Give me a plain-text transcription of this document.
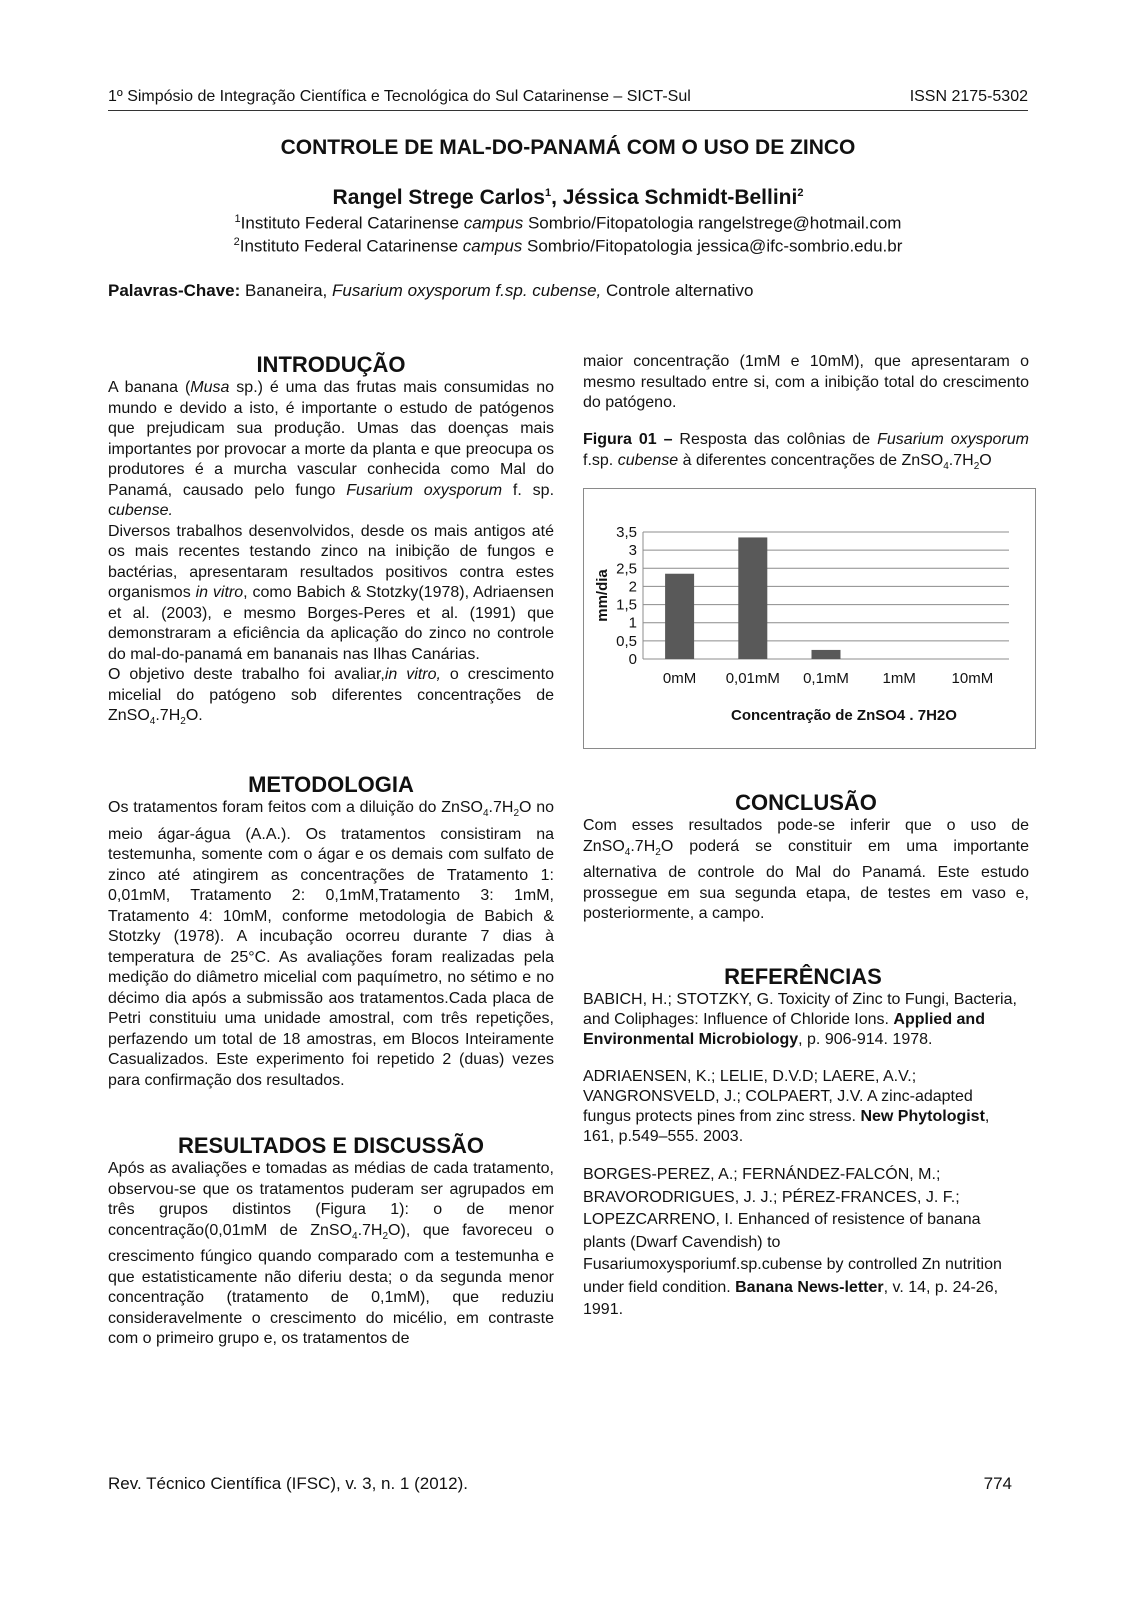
1º Simpósio de Integração Científica e Tecnológica do Sul Catarinense – SICT-Sul	ISSN 2175-5302
CONTROLE DE MAL-DO-PANAMÁ COM O USO DE ZINCO
Rangel Strege Carlos$^1$, Jéssica Schmidt-Bellini$^2$
$^1$Instituto Federal Catarinense campus Sombrio/Fitopatologia rangelstrege@hotmail.com
$^2$Instituto Federal Catarinense campus Sombrio/Fitopatologia jessica@ifc-sombrio.edu.br
Palavras-Chave: Bananeira, Fusarium oxysporum f.sp. cubense, Controle alternativo
INTRODUÇÃO

A banana (Musa sp.) é uma das frutas mais consumidas no mundo e devido a isto, é importante o estudo de patógenos que prejudicam sua produção. Umas das doenças mais importantes por provocar a morte da planta e que preocupa os produtores é a murcha vascular conhecida como Mal do Panamá, causado pelo fungo Fusarium oxysporum f. sp. cubense.

Diversos trabalhos desenvolvidos, desde os mais antigos até os mais recentes testando zinco na inibição de fungos e bactérias, apresentaram resultados positivos contra estes organismos in vitro, como Babich & Stotzky(1978), Adriaensen et al. (2003), e mesmo Borges-Peres et al. (1991) que demonstraram a eficiência da aplicação do zinco no controle do mal-do-panamá em bananais nas Ilhas Canárias.

O objetivo deste trabalho foi avaliar,in vitro, o crescimento micelial do patógeno sob diferentes concentrações de $ZnSO_4.7H_2O$.

METODOLOGIA

Os tratamentos foram feitos com a diluição do $ZnSO_4.7H_2O$ no meio ágar-água (A.A.). Os tratamentos consistiram na testemunha, somente com o ágar e os demais com sulfato de zinco até atingirem as concentrações de Tratamento 1: 0,01mM, Tratamento 2: 0,1mM,Tratamento 3: 1mM, Tratamento 4: 10mM, conforme metodologia de Babich & Stotzky (1978). A incubação ocorreu durante 7 dias à temperatura de 25°C. As avaliações foram realizadas pela medição do diâmetro micelial com paquímetro, no sétimo e no décimo dia após a submissão aos tratamentos.Cada placa de Petri constituiu uma unidade amostral, com três repetições, perfazendo um total de 18 amostras, em Blocos Inteiramente Casualizados. Este experimento foi repetido 2 (duas) vezes para confirmação dos resultados.

RESULTADOS E DISCUSSÃO

Após as avaliações e tomadas as médias de cada tratamento, observou-se que os tratamentos puderam ser agrupados em três grupos distintos (Figura 1): o de menor concentração(0,01mM de $ZnSO_4.7H_2O$), que favoreceu o crescimento fúngico quando comparado com a testemunha e que estatisticamente não diferiu desta; o da segunda menor concentração (tratamento de 0,1mM), que reduziu consideravelmente o crescimento do micélio, em contraste com o primeiro grupo e, os tratamentos de

maior concentração (1mM e 10mM), que apresentaram o mesmo resultado entre si, com a inibição total do crescimento do patógeno.

Figura 01 – Resposta das colônias de Fusarium oxysporum f.sp. cubense à diferentes concentrações de $ZnSO_4.7H_2O$

0
0,5
1
1,5
2
2,5
3
3,5
0mM 0,01mM 0,1mM 1mM 10mM
mm/dia
Concentração de ZnSO4 . 7H2O
CONCLUSÃO

Com esses resultados pode-se inferir que o uso de $ZnSO_4.7H_2O$ poderá se constituir em uma importante alternativa de controle do Mal do Panamá. Este estudo prossegue em sua segunda etapa, de testes em vaso e, posteriormente, a campo.

REFERÊNCIAS

BABICH, H.; STOTZKY, G. Toxicity of Zinc to Fungi, Bacteria, and Coliphages: Influence of Chloride Ions. Applied and Environmental Microbiology, p. 906-914. 1978.

ADRIAENSEN, K.; LELIE, D.V.D; LAERE, A.V.; VANGRONSVELD, J.; COLPAERT, J.V. A zinc-adapted fungus protects pines from zinc stress. New Phytologist, 161, p.549–555. 2003.

BORGES-PEREZ, A.; FERNÁNDEZ-FALCÓN, M.; BRAVORODRIGUES, J. J.; PÉREZ-FRANCES, J. F.; LOPEZCARRENO, I. Enhanced of resistence of banana plants (Dwarf Cavendish) to Fusariumoxysporiumf.sp.cubense by controlled Zn nutrition under field condition. Banana News-letter, v. 14, p. 24-26, 1991.

Rev. Técnico Científica (IFSC), v. 3, n. 1 (2012).	774
